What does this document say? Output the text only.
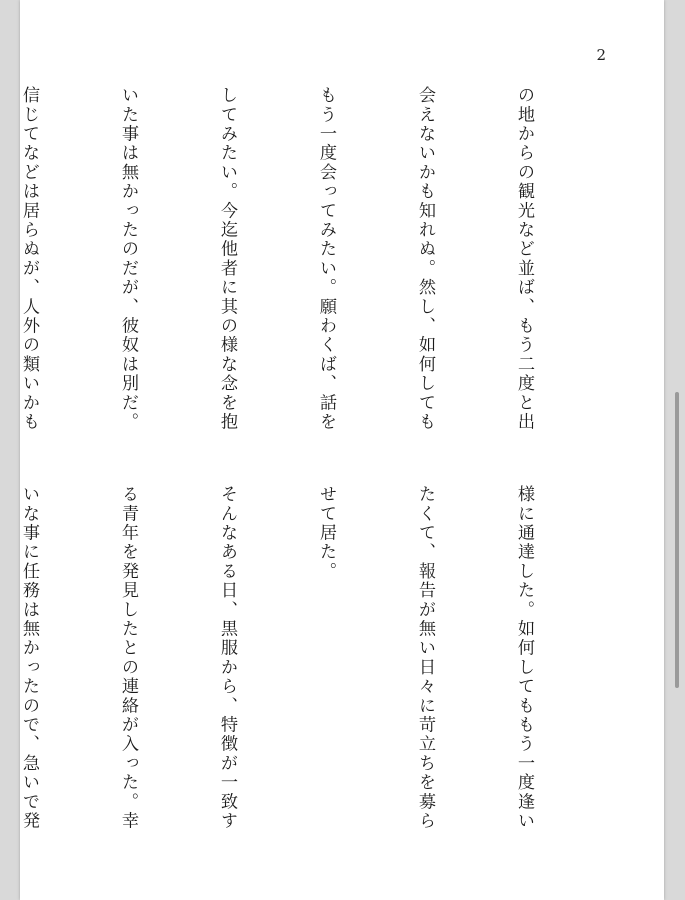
2

の地からの観光など並ば、もう二度と出

会えないかも知れぬ。然し、如何しても

もう一度会ってみたい。願わくば、話を

してみたい。今迄他者に其の様な念を抱

いた事は無かったのだが、彼奴は別だ。

信じてなどは居らぬが、人外の類いかも

様に通達した。如何してももう一度逢い

たくて、報告が無い日々に苛立ちを募ら

せて居た。

そんなある日、黒服から、特徴が一致す

る青年を発見したとの連絡が入った。幸

いな事に任務は無かったので、急いで発
